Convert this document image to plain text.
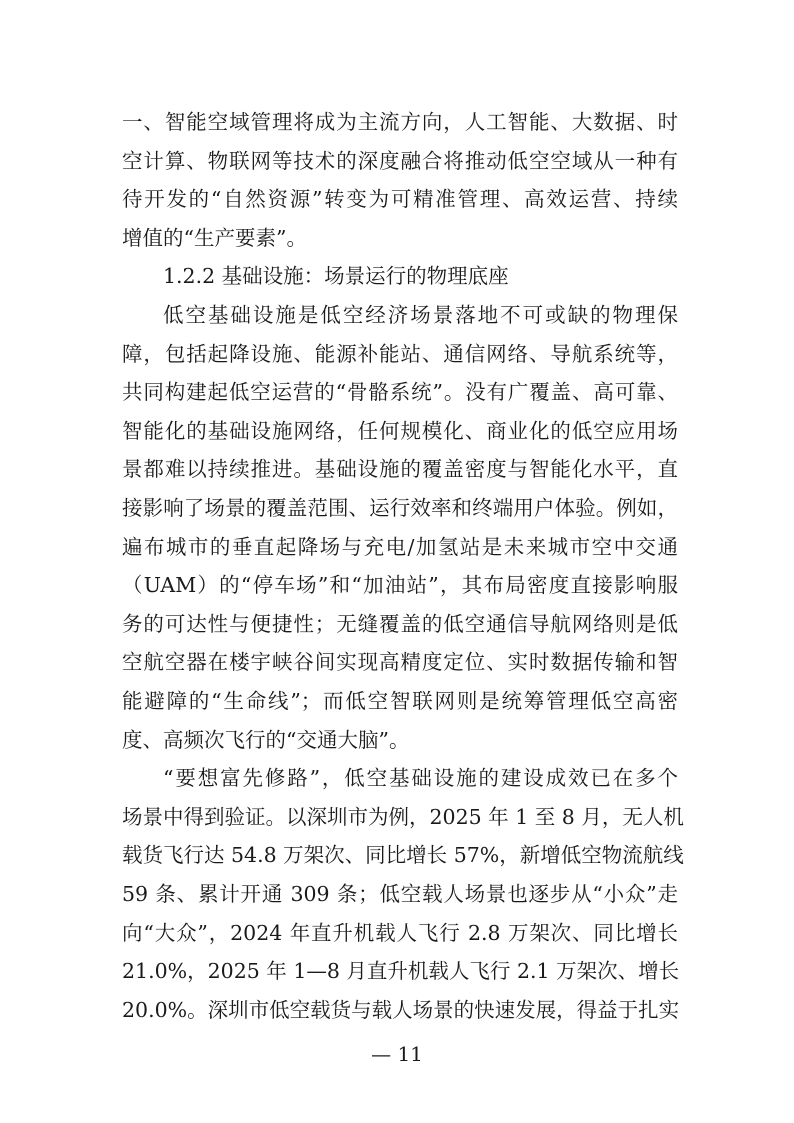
一、智能空域管理将成为主流方向，人工智能、大数据、时
空计算、物联网等技术的深度融合将推动低空空域从一种有
待开发的“自然资源”转变为可精准管理、高效运营、持续
增值的“生产要素”。
1.2.2 基础设施：场景运行的物理底座
低空基础设施是低空经济场景落地不可或缺的物理保
障，包括起降设施、能源补能站、通信网络、导航系统等，
共同构建起低空运营的“骨骼系统”。没有广覆盖、高可靠、
智能化的基础设施网络，任何规模化、商业化的低空应用场
景都难以持续推进。基础设施的覆盖密度与智能化水平，直
接影响了场景的覆盖范围、运行效率和终端用户体验。例如，
遍布城市的垂直起降场与充电/加氢站是未来城市空中交通
（UAM）的“停车场”和“加油站”，其布局密度直接影响服
务的可达性与便捷性；无缝覆盖的低空通信导航网络则是低
空航空器在楼宇峡谷间实现高精度定位、实时数据传输和智
能避障的“生命线”；而低空智联网则是统筹管理低空高密
度、高频次飞行的“交通大脑”。
“要想富先修路”，低空基础设施的建设成效已在多个
场景中得到验证。以深圳市为例，2025 年 1 至 8 月，无人机
载货飞行达 54.8 万架次、同比增长 57%，新增低空物流航线
59 条、累计开通 309 条；低空载人场景也逐步从“小众”走
向“大众”，2024 年直升机载人飞行 2.8 万架次、同比增长
21.0%，2025 年 1—8 月直升机载人飞行 2.1 万架次、增长
20.0%。深圳市低空载货与载人场景的快速发展，得益于扎实
— 11
